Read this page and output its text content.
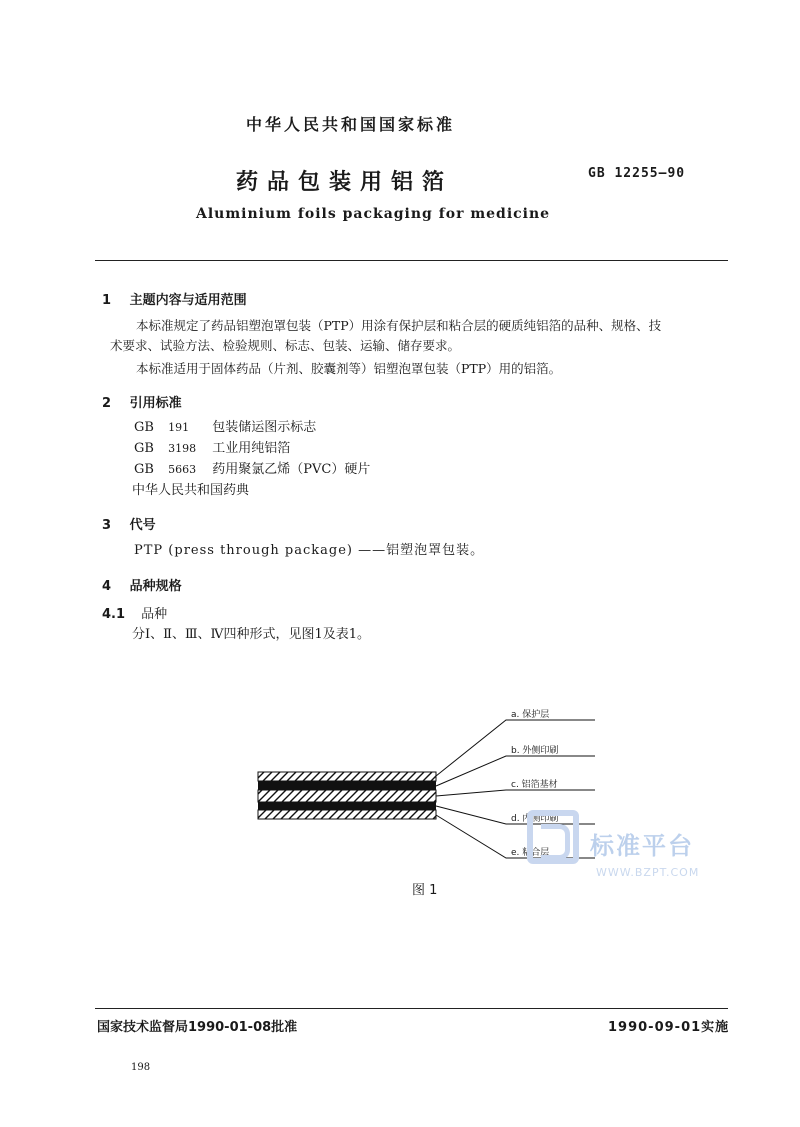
中华人民共和国国家标准
药品包装用铝箔	GB 12255—90
Aluminium foils packaging for medicine
1 主题内容与适用范围
本标准规定了药品铝塑泡罩包装（PTP）用涂有保护层和粘合层的硬质纯铝箔的品种、规格、技
术要求、试验方法、检验规则、标志、包装、运输、储存要求。
本标准适用于固体药品（片剂、胶囊剂等）铝塑泡罩包装（PTP）用的铝箔。
2 引用标准
GB 191 包装储运图示标志
GB 3198 工业用纯铝箔
GB 5663 药用聚氯乙烯（PVC）硬片
中华人民共和国药典
3 代号
PTP (press through package) ——铝塑泡罩包装。
4 品种规格
4.1 品种
分Ⅰ、Ⅱ、Ⅲ、Ⅳ四种形式，见图1及表1。
a. 保护层
b. 外侧印刷
c. 铝箔基材
d. 内侧印刷
e. 粘合层 标准平台
WWW.BZPT.COM
图 1
国家技术监督局1990-01-08批准	1990-09-01实施
198
